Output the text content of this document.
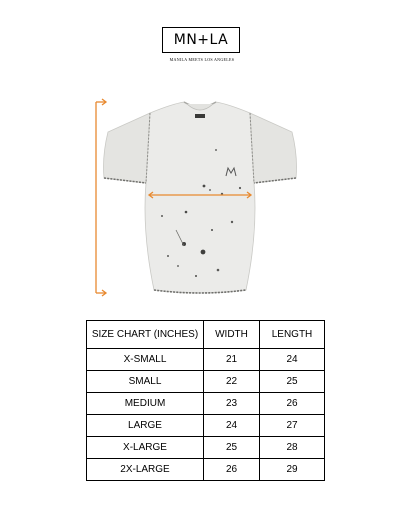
MN+LA
MANILA MEETS LOS ANGELES
SIZE CHART (INCHES)	WIDTH	LENGTH
X-SMALL	21	24
SMALL	22	25
MEDIUM	23	26
LARGE	24	27
X-LARGE	25	28
2X-LARGE	26	29
